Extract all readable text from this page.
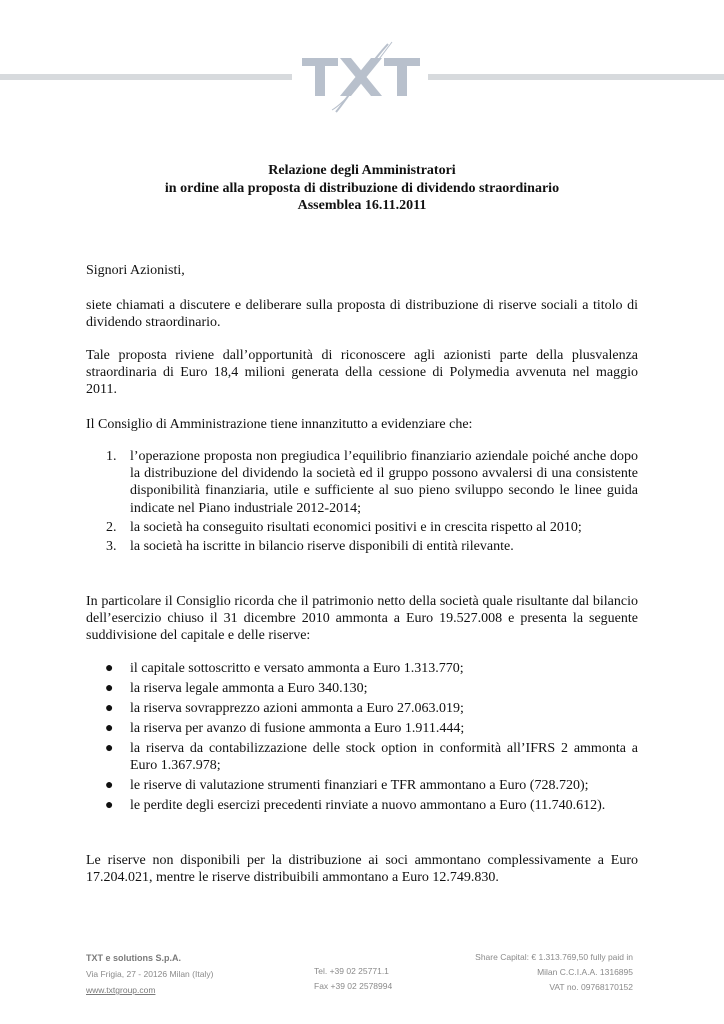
Relazione degli Amministratori
in ordine alla proposta di distribuzione di dividendo straordinario
Assemblea 16.11.2011
Signori Azionisti,
siete chiamati a discutere e deliberare sulla proposta di distribuzione di riserve sociali a titolo di dividendo straordinario.
Tale proposta riviene dall’opportunità di riconoscere agli azionisti parte della plusvalenza straordinaria di Euro 18,4 milioni generata della cessione di Polymedia avvenuta nel maggio 2011.
Il Consiglio di Amministrazione tiene innanzitutto a evidenziare che:
1. l’operazione proposta non pregiudica l’equilibrio finanziario aziendale poiché anche dopo la distribuzione del dividendo la società ed il gruppo possono avvalersi di una consistente disponibilità finanziaria, utile e sufficiente al suo pieno sviluppo secondo le linee guida indicate nel Piano industriale 2012-2014;
2. la società ha conseguito risultati economici positivi e in crescita rispetto al 2010;
3. la società ha iscritte in bilancio riserve disponibili di entità rilevante.
In particolare il Consiglio ricorda che il patrimonio netto della società quale risultante dal bilancio dell’esercizio chiuso il 31 dicembre 2010 ammonta a Euro 19.527.008 e presenta la seguente suddivisione del capitale e delle riserve:
●	il capitale sottoscritto e versato ammonta a Euro 1.313.770;
●	la riserva legale ammonta a Euro 340.130;
●	la riserva sovrapprezzo azioni ammonta a Euro 27.063.019;
●	la riserva per avanzo di fusione ammonta a Euro 1.911.444;
●	la riserva da contabilizzazione delle stock option in conformità all’IFRS 2 ammonta a Euro 1.367.978;
●	le riserve di valutazione strumenti finanziari e TFR ammontano a Euro (728.720);
●	le perdite degli esercizi precedenti rinviate a nuovo ammontano a Euro (11.740.612).
Le riserve non disponibili per la distribuzione ai soci ammontano complessivamente a Euro 17.204.021, mentre le riserve distribuibili ammontano a Euro 12.749.830.
TXT e solutions S.p.A.
Via Frigia, 27 - 20126 Milan (Italy)
www.txtgroup.com
Tel. +39 02 25771.1
Fax +39 02 2578994
Share Capital: € 1.313.769,50 fully paid in
Milan C.C.I.A.A. 1316895
VAT no. 09768170152
